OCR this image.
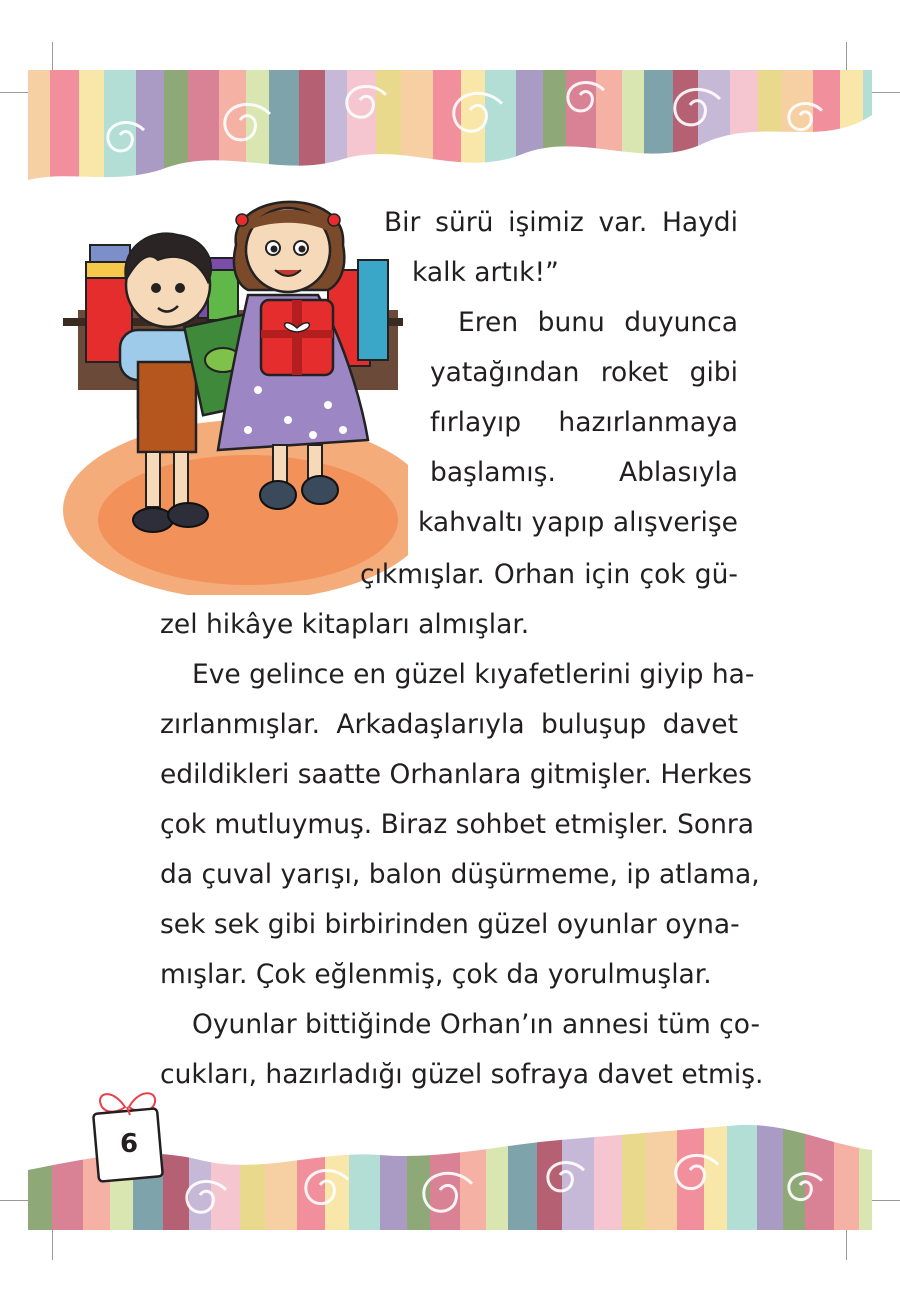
Bir sürü işimiz var. Haydi

kalk artık!”

Eren bunu duyunca

yatağından roket gibi

fırlayıp hazırlanmaya

başlamış. Ablasıyla

kahvaltı yapıp alışverişe

çıkmışlar. Orhan için çok gü-

zel hikâye kitapları almışlar.

Eve gelince en güzel kıyafetlerini giyip ha-

zırlanmışlar. Arkadaşlarıyla buluşup davet

edildikleri saatte Orhanlara gitmişler. Herkes

çok mutluymuş. Biraz sohbet etmişler. Sonra

da çuval yarışı, balon düşürmeme, ip atlama,

sek sek gibi birbirinden güzel oyunlar oyna-

mışlar. Çok eğlenmiş, çok da yorulmuşlar.

Oyunlar bittiğinde Orhan’ın annesi tüm ço-

cukları, hazırladığı güzel sofraya davet etmiş.

6
